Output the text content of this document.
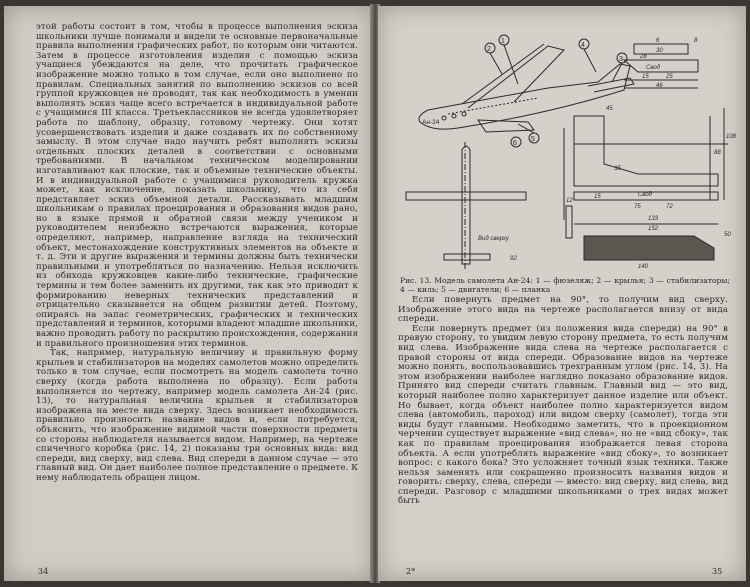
этой работы состоит в том, чтобы в процессе выполнения эскиза школьники лучше понимали и видели те основные первоначальные правила выполнения графических работ, по которым они читаются. Затем в процессе изготовления изделия с помощью эскиза учащиеся убеждаются на деле, что прочитать графическое изображение можно только в том случае, если оно выполнено по правилам. Специальных занятий по выполнению эскизов со всей группой кружковцев не проводят, так как необходимость в умении выполнять эскиз чаще всего встречается в индивидуальной работе с учащимися III класса. Третьеклассников не всегда удовлетворяет работа по шаблону, образцу, готовому чертежу. Они хотят усовершенствовать изделия и даже создавать их по собственному замыслу. В этом случае надо научить ребят выполнять эскизы отдельных плоских деталей в соответствии с основными требованиями. В начальном техническом моделировании изготавливают как плоские, так и объемные технические объекты. И в индивидуальной работе с учащимися руководитель кружка может, как исключение, показать школьнику, что из себя представляет эскиз объемной детали. Рассказывать младшим школьникам о правилах проецирования и образования видов рано, но в языке прямой и обратной связи между учеником и руководителем неизбежно встречаются выражения, которые определяют, например, направление взгляда на технический объект, местонахождение конструктивных элементов на объекте и т. д. Эти и другие выражения и термины должны быть технически правильными и употребляться по назначению. Нельзя исключить из обихода кружковцев какие-либо технические, графические термины и тем более заменить их другими, так как это приводит к формированию неверных технических представлений и отрицательно сказывается на общем развитии детей. Поэтому, опираясь на запас геометрических, графических и технических представлений и терминов, которыми владеют младшие школьники, важно проводить работу по раскрытию происхождения, содержания и правильного произношения этих терминов.

Так, например, натуральную величину и правильную форму крыльев и стабилизаторов на моделях самолетов можно определить только в том случае, если посмотреть на модель самолета точно сверху (когда работа выполнена по образцу). Если работа выполняется по чертежу, например модель самолета Ан-24 (рис. 13), то натуральная величина крыльев и стабилизаторов изображена на месте вида сверху. Здесь возникает необходимость правильно произносить название видов и, если потребуется, объяснить, что изображение видимой части поверхности предмета со стороны наблюдателя называется видом. Например, на чертеже спичечного коробка (рис. 14, 2) показаны три основных вида: вид спереди, вид сверху, вид слева. Вид спереди в данном случае — это главный вид. Он дает наиболее полное представление о предмете. К нему наблюдатель обращен лицом.

34
1
2
3
4
5
6
Ан-24
Вид сверху
6	8
30
28
Свод
15	25
46
88
108
45
12
35
15	Свод
75	72
133
152
50
140
92
Рис. 13. Модель самолета Ан-24: 1 — фюзеляж; 2 — крылья; 3 — стабилизаторы; 4 — киль; 5 — двигатели; 6 — планка

Если повернуть предмет на 90°, то получим вид сверху. Изображение этого вида на чертеже располагается внизу от вида спереди.

Если повернуть предмет (из положения вида спереди) на 90° в правую сторону, то увидим левую сторону предмета, то есть получим вид слева. Изображение вида слева на чертеже располагается с правой стороны от вида спереди. Образование видов на чертеже можно понять, воспользовавшись трехгранным углом (рис. 14, 3). На этом изображении наиболее наглядно показано образование видов. Принято вид спереди считать главным. Главный вид — это вид, который наиболее полно характеризует данное изделие или объект. Но бывает, когда объект наиболее полно характеризуется видом слева (автомобиль, пароход) или видом сверху (самолет), тогда эти виды будут главными. Необходимо заметить, что в проекционном черчении существует выражение «вид слева», но не «вид сбоку», так как по правилам проецирования изображается левая сторона объекта. А если употреблять выражение «вид сбоку», то возникает вопрос: с какого бока? Это усложняет точный язык техники. Также нельзя заменять или сокращенно произносить названия видов и говорить: сверху, слева, спереди — вместо: вид сверху, вид слева, вид спереди. Разговор с младшими школьниками о трех видах может быть

2*	35
